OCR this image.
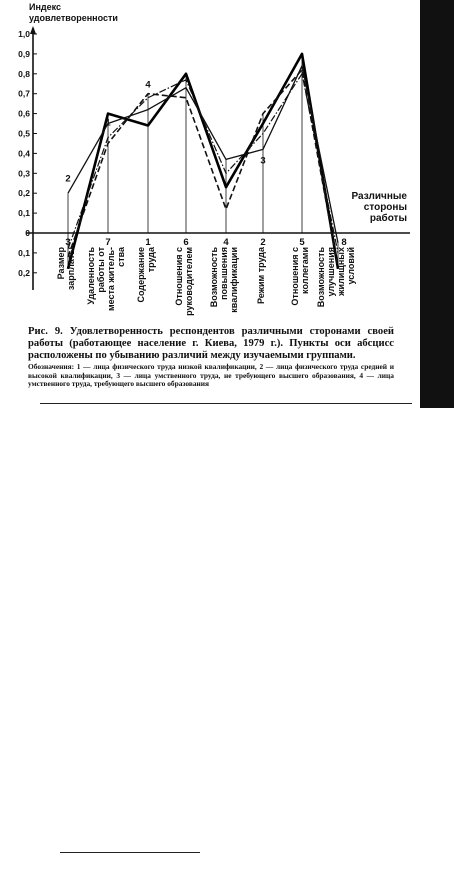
1,0
0,9
0,8
0,7
0,6
0,5
0,4
0,3
0,2
0,1
0
0,1
0,2
3	7	1	6	4	2	5	8
2
1
4
3
Размер зарплаты Удаленность работы от места житель- ства Содержание труда Отношения с руководителем Возможность повышения квалификации Режим труда	Отношения с коллегами Возможность улучшения жилищных условий
Индекс
удовлетворенности
Различные
стороны
работы
Рис. 9. Удовлетворенность респондентов различными сторонами своей работы (работающее население г. Киева, 1979 г.). Пункты оси абсцисс расположены по убыванию различий между изучаемыми группами.
Обозначения: 1 — лица физического труда низкой квалификации, 2 — лица физического труда средней и высокой квалификации, 3 — лица умственного труда, не требующего высшего образования, 4 — лица умственного труда, требующего высшего образования
